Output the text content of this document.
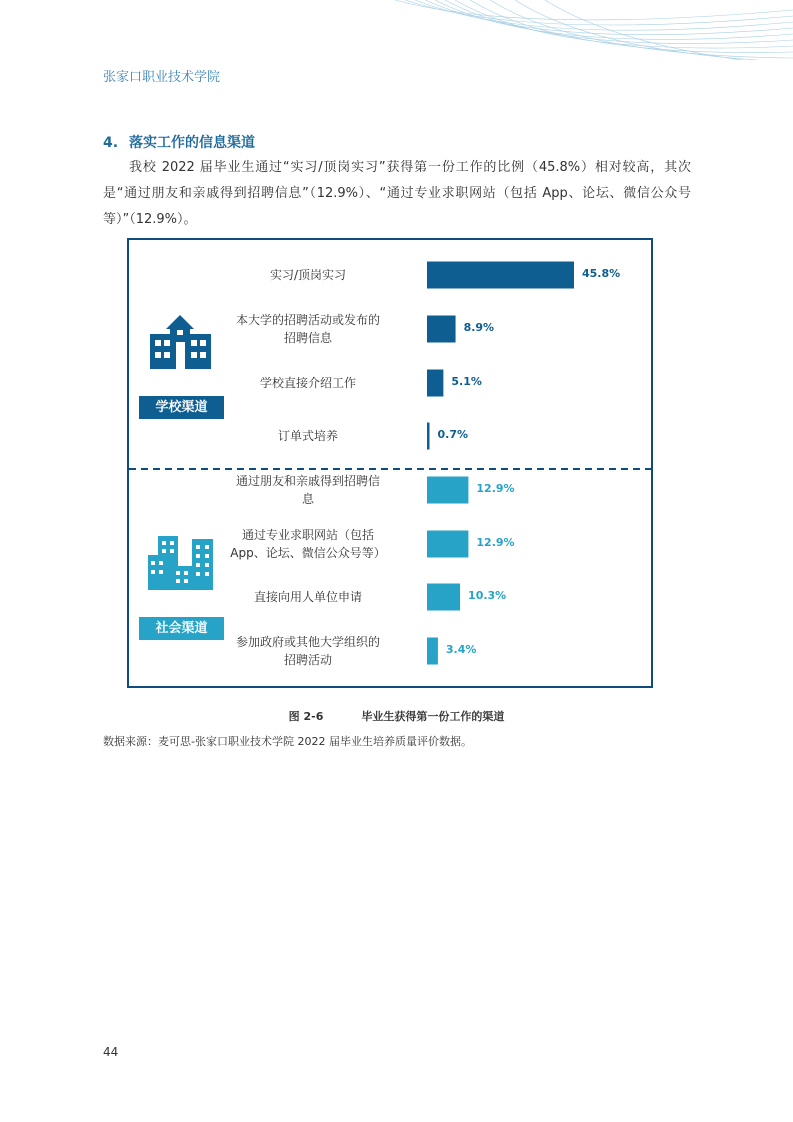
张家口职业技术学院
4. 落实工作的信息渠道

我校 2022 届毕业生通过“实习/顶岗实习”获得第一份工作的比例（45.8%）相对较高，其次是“通过朋友和亲戚得到招聘信息”（12.9%）、“通过专业求职网站（包括 App、论坛、微信公众号等）”（12.9%）。

45.8%
实习/顶岗实习
8.9%
本大学的招聘活动或发布的
招聘信息
5.1%
学校直接介绍工作
0.7%
订单式培养
12.9%
通过朋友和亲戚得到招聘信
息
12.9%
通过专业求职网站（包括
App、论坛、微信公众号等）
10.3%
直接向用人单位申请
3.4%
参加政府或其他大学组织的
招聘活动
学校渠道
社会渠道
图 2-6	毕业生获得第一份工作的渠道
数据来源：麦可思-张家口职业技术学院 2022 届毕业生培养质量评价数据。
44
